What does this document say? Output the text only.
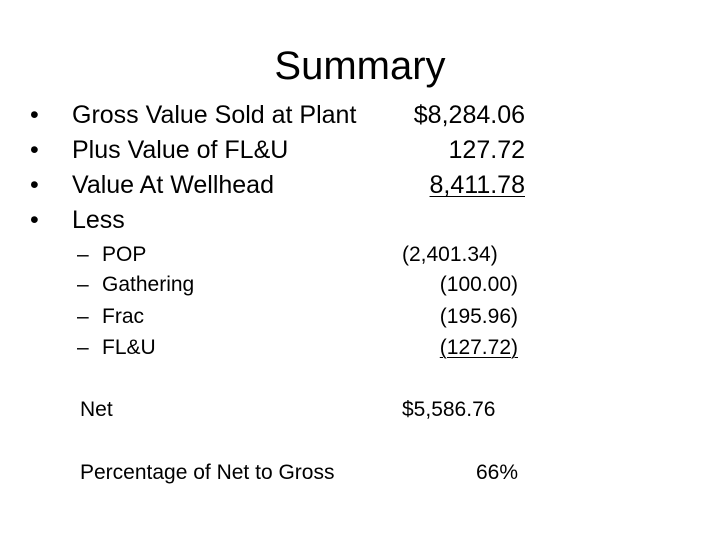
Summary
• Gross Value Sold at Plant $8,284.06
• Plus Value of FL&U	127.72
• Value At Wellhead	8,411.78
• Less
– POP	(2,401.34)
– Gathering	(100.00)
– Frac	(195.96)
– FL&U	(127.72)
Net	$5,586.76
Percentage of Net to Gross	66%
